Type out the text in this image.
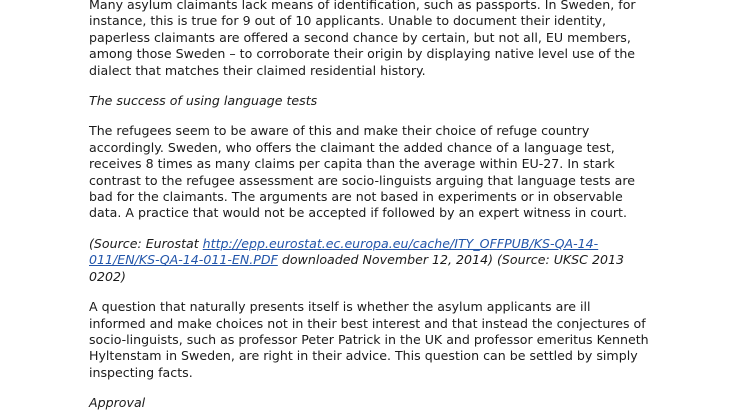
Many asylum claimants lack means of identification, such as passports. In Sweden, for instance, this is true for 9 out of 10 applicants. Unable to document their identity, paperless claimants are offered a second chance by certain, but not all, EU members, among those Sweden – to corroborate their origin by displaying native level use of the dialect that matches their claimed residential history.

The success of using language tests

The refugees seem to be aware of this and make their choice of refuge country accordingly. Sweden, who offers the claimant the added chance of a language test, receives 8 times as many claims per capita than the average within EU-27. In stark contrast to the refugee assessment are socio-linguists arguing that language tests are bad for the claimants. The arguments are not based in experiments or in observable data. A practice that would not be accepted if followed by an expert witness in court.

(Source: Eurostat http://epp.eurostat.ec.europa.eu/cache/ITY_OFFPUB/KS-QA-14-011/EN/KS-QA-14-011-EN.PDF downloaded November 12, 2014) (Source: UKSC 2013 0202)

A question that naturally presents itself is whether the asylum applicants are ill informed and make choices not in their best interest and that instead the conjectures of socio-linguists, such as professor Peter Patrick in the UK and professor emeritus Kenneth Hyltenstam in Sweden, are right in their advice. This question can be settled by simply inspecting facts.

Approval
